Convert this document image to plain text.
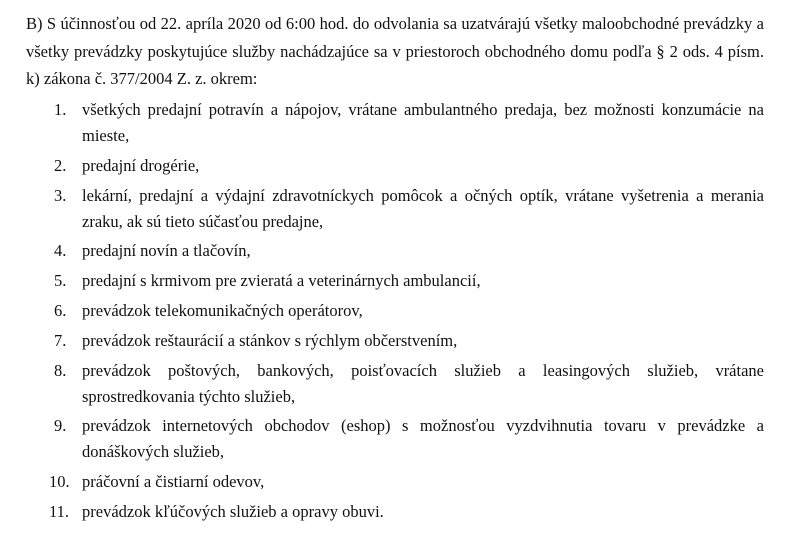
B) S účinnosťou od 22. apríla 2020 od 6:00 hod. do odvolania sa uzatvárajú všetky maloobchodné prevádzky a všetky prevádzky poskytujúce služby nachádzajúce sa v priestoroch obchodného domu podľa § 2 ods. 4 písm. k) zákona č. 377/2004 Z. z. okrem:
1. všetkých predajní potravín a nápojov, vrátane ambulantného predaja, bez možnosti konzumácie na mieste,
2. predajní drogérie,
3. lekární, predajní a výdajní zdravotníckych pomôcok a očných optík, vrátane vyšetrenia a merania zraku, ak sú tieto súčasťou predajne,
4. predajní novín a tlačovín,
5. predajní s krmivom pre zvieratá a veterinárnych ambulancií,
6. prevádzok telekomunikačných operátorov,
7. prevádzok reštaurácií a stánkov s rýchlym občerstvením,
8. prevádzok poštových, bankových, poisťovacích služieb a leasingových služieb, vrátane sprostredkovania týchto služieb,
9. prevádzok internetových obchodov (eshop) s možnosťou vyzdvihnutia tovaru v prevádzke a donáškových služieb,
10. práčovní a čistiarní odevov,
11. prevádzok kľúčových služieb a opravy obuvi.
